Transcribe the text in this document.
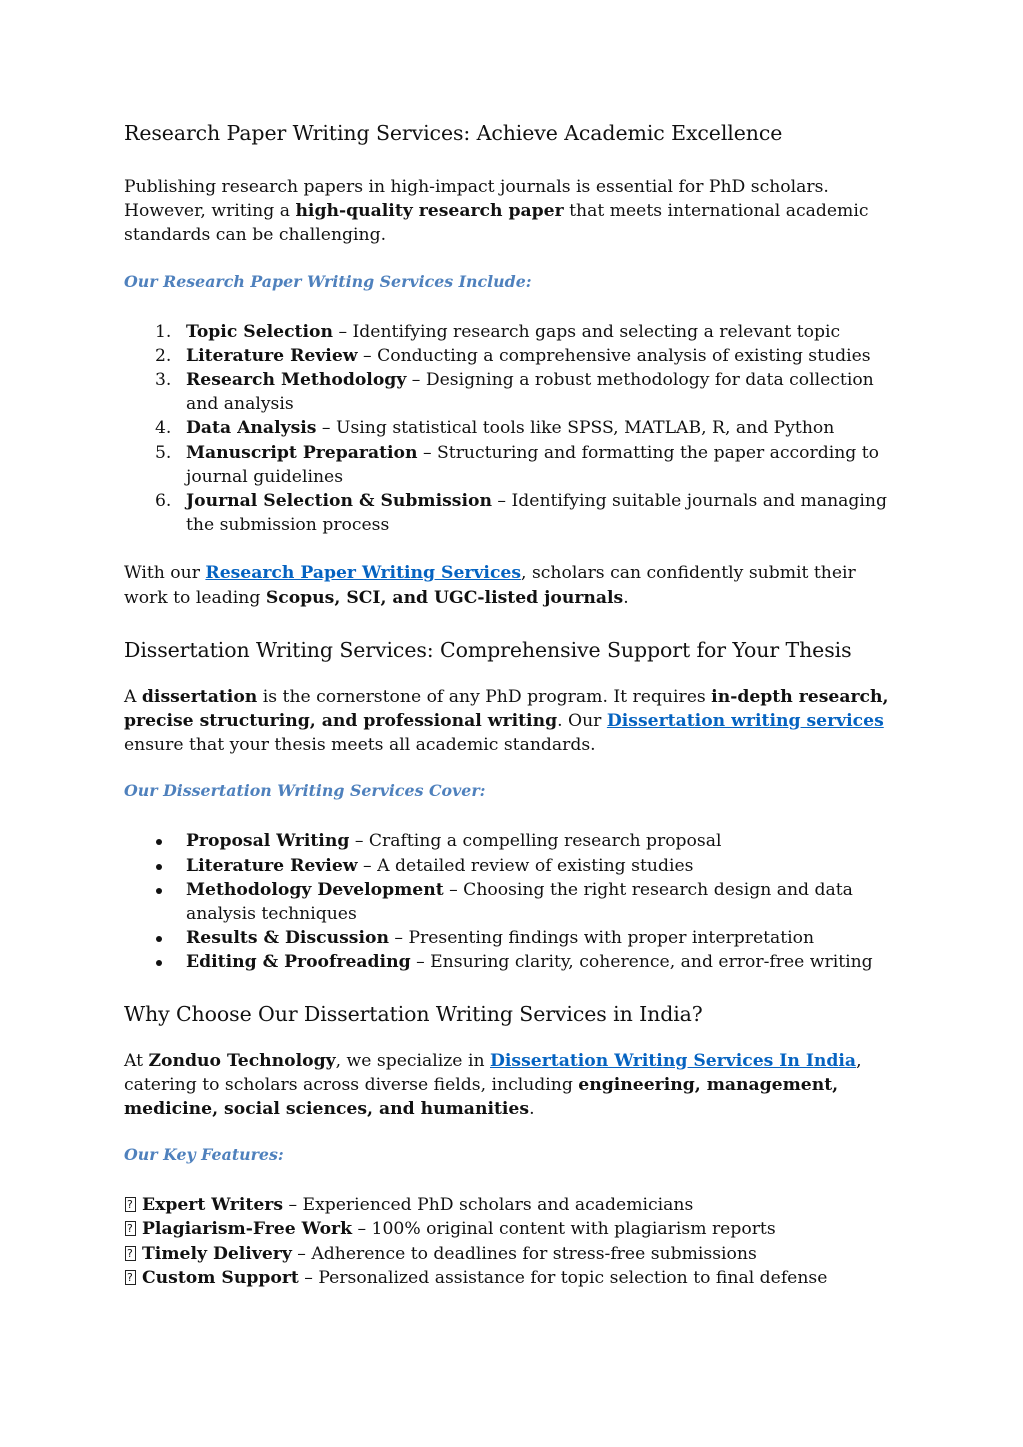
Research Paper Writing Services: Achieve Academic Excellence

Publishing research papers in high-impact journals is essential for PhD scholars. However, writing a high-quality research paper that meets international academic standards can be challenging.

Our Research Paper Writing Services Include:

1. Topic Selection – Identifying research gaps and selecting a relevant topic
2. Literature Review – Conducting a comprehensive analysis of existing studies
3. Research Methodology – Designing a robust methodology for data collection and analysis
4. Data Analysis – Using statistical tools like SPSS, MATLAB, R, and Python
5. Manuscript Preparation – Structuring and formatting the paper according to journal guidelines
6. Journal Selection & Submission – Identifying suitable journals and managing the submission process

With our Research Paper Writing Services, scholars can confidently submit their work to leading Scopus, SCI, and UGC-listed journals.

Dissertation Writing Services: Comprehensive Support for Your Thesis

A dissertation is the cornerstone of any PhD program. It requires in-depth research, precise structuring, and professional writing. Our Dissertation writing services ensure that your thesis meets all academic standards.

Our Dissertation Writing Services Cover:

Proposal Writing – Crafting a compelling research proposal
Literature Review – A detailed review of existing studies
Methodology Development – Choosing the right research design and data analysis techniques
Results & Discussion – Presenting findings with proper interpretation
Editing & Proofreading – Ensuring clarity, coherence, and error-free writing
Why Choose Our Dissertation Writing Services in India?

At Zonduo Technology, we specialize in Dissertation Writing Services In India, catering to scholars across diverse fields, including engineering, management, medicine, social sciences, and humanities.

Our Key Features:

?
Expert Writers – Experienced PhD scholars and academicians
?
Plagiarism-Free Work – 100% original content with plagiarism reports
?
Timely Delivery – Adherence to deadlines for stress-free submissions
?
Custom Support – Personalized assistance for topic selection to final defense
